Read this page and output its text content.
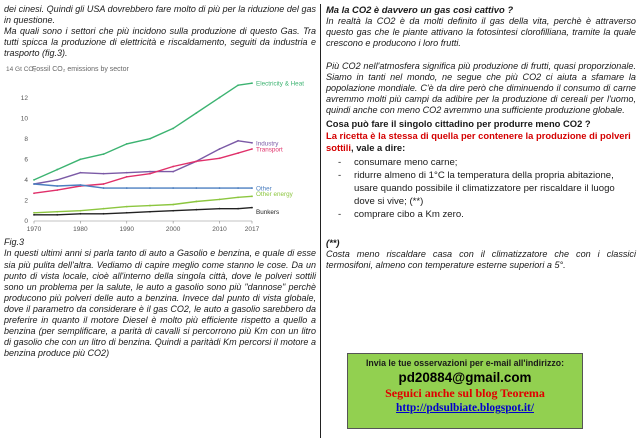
dei cinesi. Quindi gli USA dovrebbero fare molto di più per la riduzione del gas in questione.

Ma quali sono i settori che più incidono sulla produzione di questo Gas. Tra tutti spicca la produzione di elettricità e riscaldamento, seguiti da industria e trasporto (fig.3).

Fossil CO₂ emissions by sector
14 Gt CO₂
1970	1980	1990	2000	2010	2017
0
2
4
6
8
10
12
Electricity & Heat
Industry
Transport
Other
Other energy
Bunkers

Fig.3

In questi ultimi anni si parla tanto di auto a Gasolio e benzina, e quale di esse sia più pulita dell'altra. Vediamo di capire meglio come stanno le cose. Da un punto di vista locale, cioè all'interno della singola città, dove le polveri sottili sono un problema per la salute, le auto a gasolio sono più "dannose" perchè producono più polveri delle auto a benzina. Invece dal punto di vista globale, dove il parametro da considerare è il gas CO2, le auto a gasolio sarebbero da preferire in quanto il motore Diesel è molto più efficiente rispetto a quello a benzina (per semplificare, a parità di cavalli si percorrono più Km con un litro di gasolio che con un litro di benzina. Quindi a paritàdi Km percorsi il motore a benzina produce più CO2)

Ma la CO2 è davvero un gas così cattivo ?

In realtà la CO2 è da molti definito il gas della vita, perchè è attraverso questo gas che le piante attivano la fotosintesi clorofilliana, tramite la quale crescono e producono i loro frutti.

Più CO2 nell'atmosfera significa più produzione di frutti, quasi proporzionale. Siamo in tanti nel mondo, ne segue che più CO2 ci aiuta a sfamare la popolazione mondiale. C'è da dire però che diminuendo il consumo di carne avremmo molti più campi da adibire per la produzione di cereali per l'uomo, quindi anche con meno CO2 avremmo una sufficiente produzione globale.

Cosa può fare il singolo cittadino per produrre meno CO2 ?

La ricetta è la stessa di quella per contenere la produzione di polveri sottili, vale a dire:

- consumare meno carne;
- ridurre almeno di 1°C la temperatura della propria abitazione, usare quando possibile il climatizzatore per riscaldare il luogo dove si vive; (**)
- comprare cibo a Km zero.

(**)

Costa meno riscaldare casa con il climatizzatore che con i classici termosifoni, almeno con temperature esterne superiori a 5°.

Invia le tue osservazioni per e-mail all'indirizzo:
pd20884@gmail.com
Seguici anche sul blog Teorema
http://pdsulbiate.blogspot.it/
